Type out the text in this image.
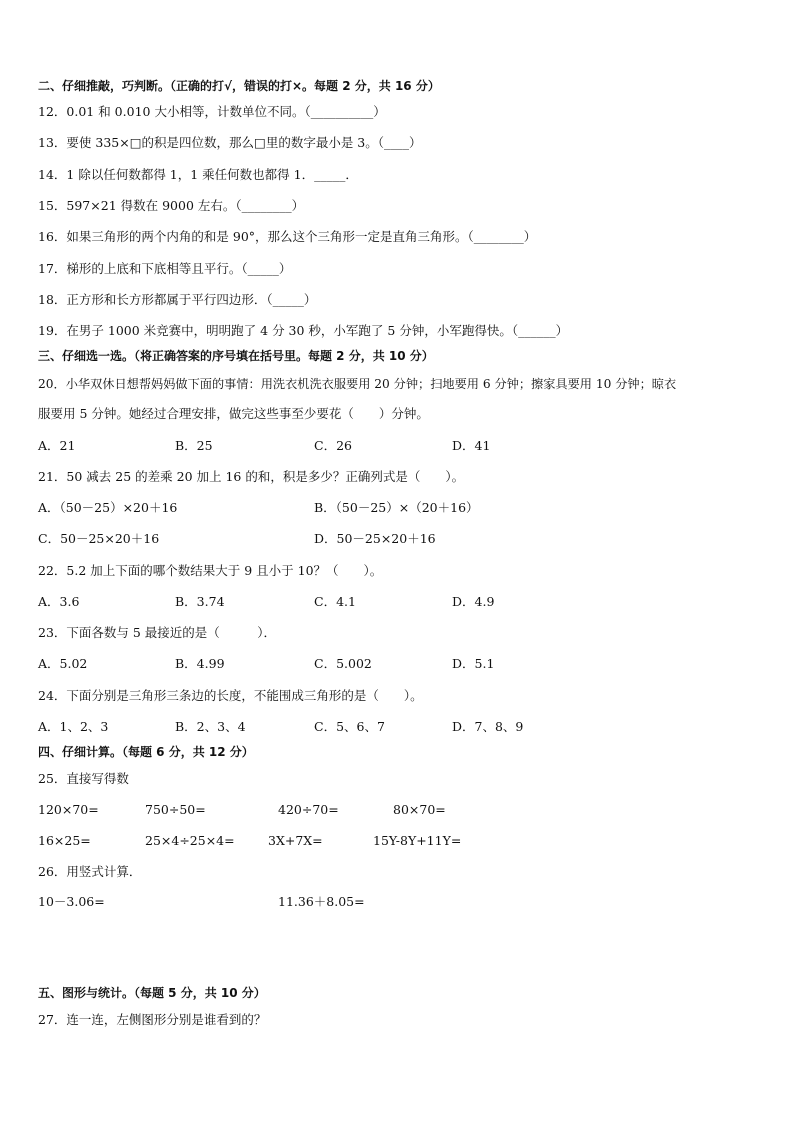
二、仔细推敲，巧判断。（正确的打√，错误的打×。每题 2 分，共 16 分）
12．0.01 和 0.010 大小相等，计数单位不同。（__________）
13．要使 335×□的积是四位数，那么□里的数字最小是 3。（____）
14．1 除以任何数都得 1，1 乘任何数也都得 1．_____．
15．597×21 得数在 9000 左右。（________）
16．如果三角形的两个内角的和是 90°，那么这个三角形一定是直角三角形。（________）
17．梯形的上底和下底相等且平行。（_____）
18．正方形和长方形都属于平行四边形．（_____）
19．在男子 1000 米竞赛中，明明跑了 4 分 30 秒，小军跑了 5 分钟，小军跑得快。（______）
三、仔细选一选。（将正确答案的序号填在括号里。每题 2 分，共 10 分）
20．小华双休日想帮妈妈做下面的事情：用洗衣机洗衣服要用 20 分钟；扫地要用 6 分钟；擦家具要用 10 分钟；晾衣
服要用 5 分钟。她经过合理安排，做完这些事至少要花（　　）分钟。
A．21	B．25	C．26	D．41
21．50 减去 25 的差乘 20 加上 16 的和，积是多少？正确列式是（　　）。
A．（50－25）×20＋16	B．（50－25）×（20＋16）
C．50－25×20＋16	D．50－25×20＋16
22．5.2 加上下面的哪个数结果大于 9 且小于 10？（　　）。
A．3.6	B．3.74	C．4.1	D．4.9
23．下面各数与 5 最接近的是（　　　）．
A．5.02	B．4.99	C．5.002	D．5.1
24．下面分别是三角形三条边的长度，不能围成三角形的是（　　）。
A．1、2、3	B．2、3、4	C．5、6、7	D．7、8、9
四、仔细计算。（每题 6 分，共 12 分）
25．直接写得数
120×70=	750÷50=	420÷70=	80×70=
16×25=	25×4÷25×4=	3X+7X=	15Y-8Y+11Y=
26．用竖式计算．
10－3.06=	11.36＋8.05=
五、图形与统计。（每题 5 分，共 10 分）
27．连一连，左侧图形分别是谁看到的？
